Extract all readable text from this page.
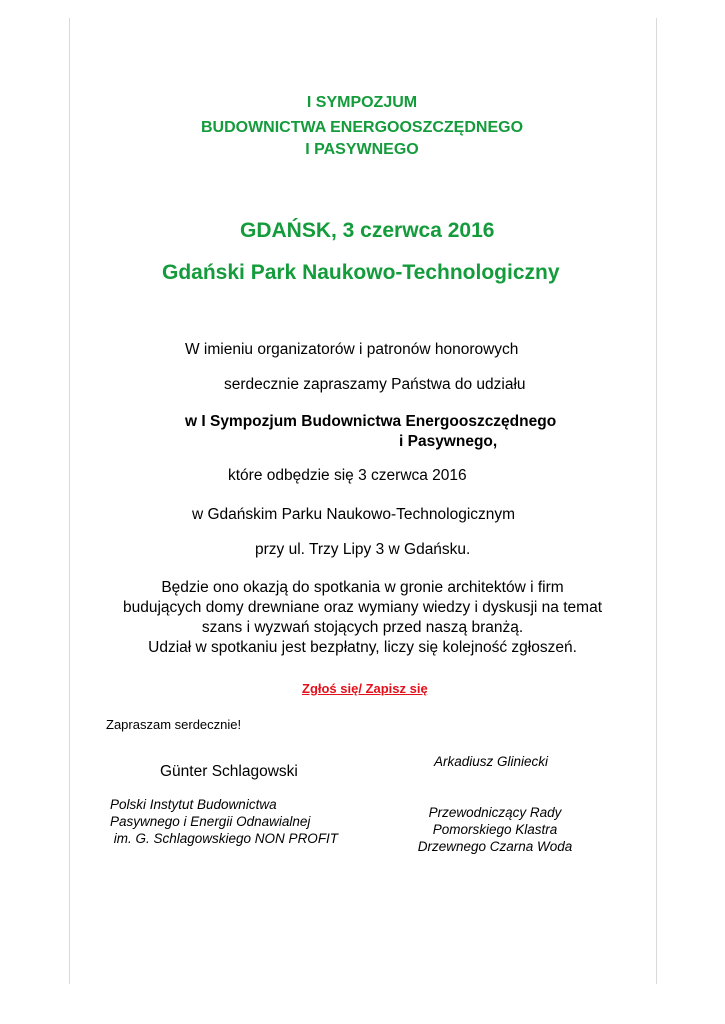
I SYMPOZJUM
BUDOWNICTWA ENERGOOSZCZĘDNEGO
I PASYWNEGO
GDAŃSK, 3 czerwca 2016
Gdański Park Naukowo-Technologiczny
W imieniu organizatorów i patronów honorowych
serdecznie zapraszamy Państwa do udziału
w I Sympozjum Budownictwa Energooszczędnego
i Pasywnego,
które odbędzie się 3 czerwca 2016
w Gdańskim Parku Naukowo-Technologicznym
przy ul. Trzy Lipy 3 w Gdańsku.
Będzie ono okazją do spotkania w gronie architektów i firm
budujących domy drewniane oraz wymiany wiedzy i dyskusji na temat
szans i wyzwań stojących przed naszą branżą.
Udział w spotkaniu jest bezpłatny, liczy się kolejność zgłoszeń.
Zgłoś się/ Zapisz się
Zapraszam serdecznie!
Günter Schlagowski
Polski Instytut Budownictwa
Pasywnego i Energii Odnawialnej
im. G. Schlagowskiego NON PROFIT
Arkadiusz Gliniecki
Przewodniczący Rady
Pomorskiego Klastra
Drzewnego Czarna Woda
